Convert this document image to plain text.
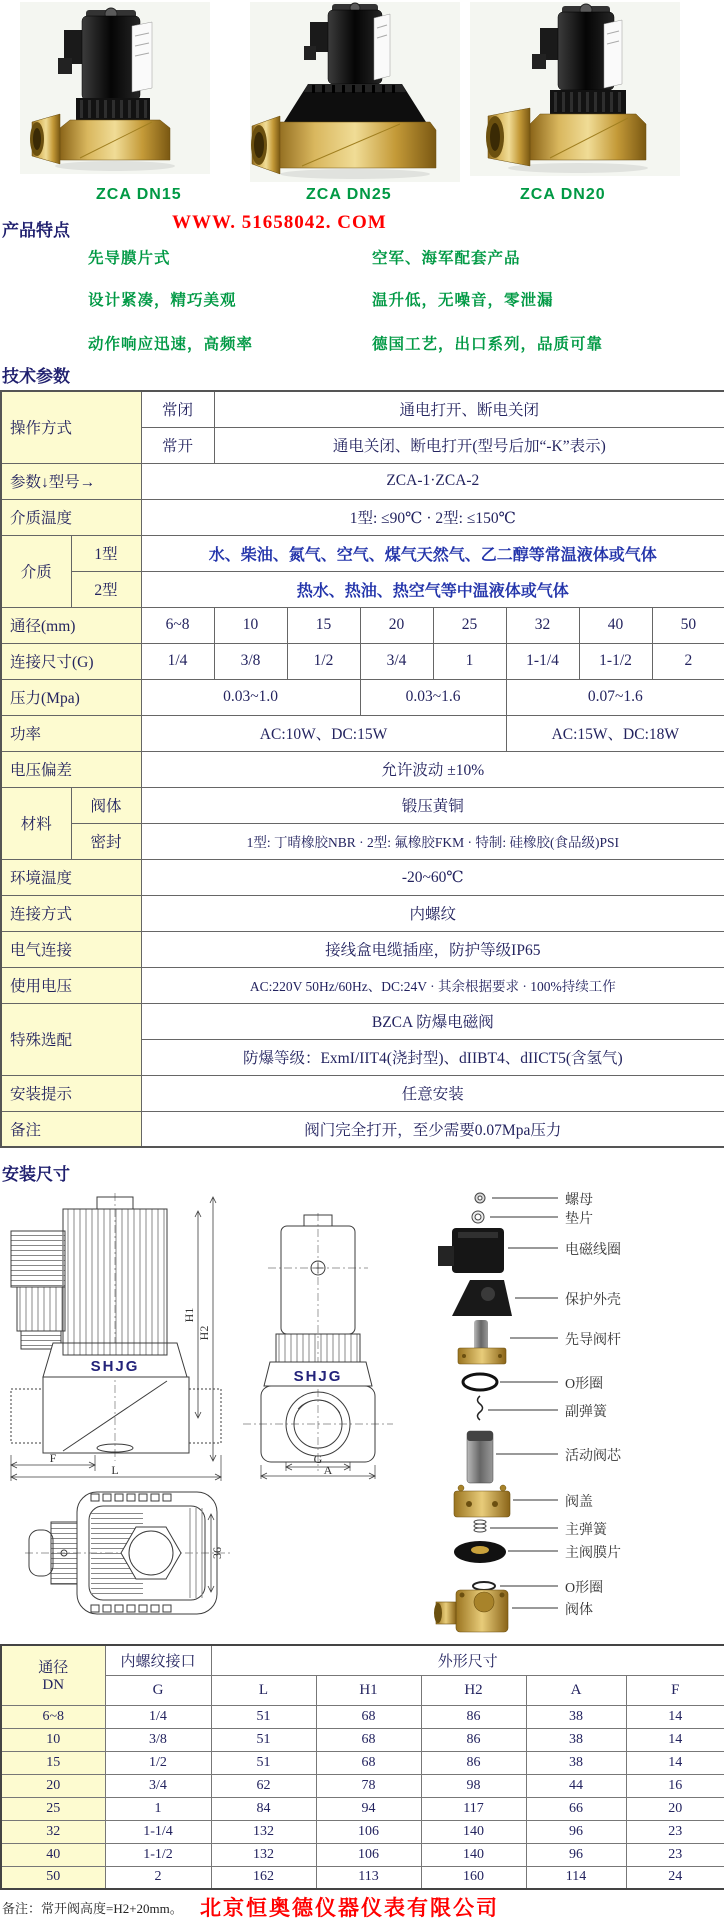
ZCA DN15	ZCA DN25	ZCA DN20
产品特点	WWW. 51658042. COM
先导膜片式	空军、海军配套产品
设计紧凑，精巧美观	温升低，无噪音，零泄漏
动作响应迅速，高频率	德国工艺，出口系列，品质可靠
技术参数
操作方式		常闭	通电打开、断电关闭						
		常开	通电关闭、断电打开(型号后加“-K”表示)						
参数↓型号→		ZCA-1·ZCA-2							
介质温度		1型: ≤90℃ · 2型: ≤150℃							
介质	1型	水、柴油、氮气、空气、煤气天然气、乙二醇等常温液体或气体							
	2型	热水、热油、热空气等中温液体或气体							
通径(mm)		6~8	10	15	20	25	32	40	50
连接尺寸(G)		1/4	3/8	1/2	3/4	1	1-1/4	1-1/2	2
压力(Mpa)		0.03~1.0			0.03~1.6		0.07~1.6		
功率		AC:10W、DC:15W					AC:15W、DC:18W		
电压偏差		允许波动 ±10%							
材料	阀体	锻压黄铜							
	密封	1型: 丁晴橡胶NBR · 2型: 氟橡胶FKM · 特制: 硅橡胶(食品级)PSI							
环境温度		-20~60℃							
连接方式		内螺纹							
电气连接		接线盒电缆插座，防护等级IP65							
使用电压		AC:220V 50Hz/60Hz、DC:24V · 其余根据要求 · 100%持续工作							
特殊选配		BZCA 防爆电磁阀							
		防爆等级：ExmI/IIT4(浇封型)、dIIBT4、dIICT5(含氢气)							
安装提示		任意安装							
备注		阀门完全打开，至少需要0.07Mpa压力							
安装尺寸
SHJG
H1
H2
F
L
SHJG
G
A
36
螺母
垫片
电磁线圈
保护外壳
先导阀杆
O形圈
副弹簧
活动阀芯
阀盖
主弹簧
主阀膜片
O形圈
阀体
通径
DN	内螺纹接口	外形尺寸				
	G	L	H1	H2	A	F
6~8	1/4	51	68	86	38	14
10	3/8	51	68	86	38	14
15	1/2	51	68	86	38	14
20	3/4	62	78	98	44	16
25	1	84	94	117	66	20
32	1-1/4	132	106	140	96	23
40	1-1/2	132	106	140	96	23
50	2	162	113	160	114	24
备注：常开阀高度=H2+20mm。 北京恒奥德仪器仪表有限公司
